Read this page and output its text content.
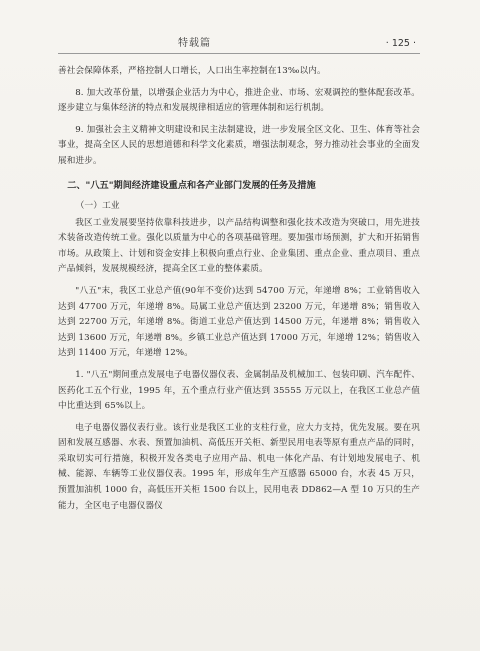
特载篇	· 125 ·

善社会保障体系，严格控制人口增长，人口出生率控制在13‰以内。

8. 加大改革份量，以增强企业活力为中心，推进企业、市场、宏观调控的整体配套改革。逐步建立与集体经济的特点和发展规律相适应的管理体制和运行机制。

9. 加强社会主义精神文明建设和民主法制建设，进一步发展全区文化、卫生、体育等社会事业，提高全区人民的思想道德和科学文化素质，增强法制观念，努力推动社会事业的全面发展和进步。

二、"八五"期间经济建设重点和各产业部门发展的任务及措施
（一）工业

我区工业发展要坚持依靠科技进步，以产品结构调整和强化技术改造为突破口，用先进技术装备改造传统工业。强化以质量为中心的各项基础管理。要加强市场预测，扩大和开拓销售市场。从政策上、计划和资金安排上积极向重点行业、企业集团、重点企业、重点项目、重点产品倾斜，发展规模经济，提高全区工业的整体素质。

"八五"末，我区工业总产值(90年不变价)达到 54700 万元，年递增 8%；工业销售收入达到 47700 万元，年递增 8%。局属工业总产值达到 23200 万元，年递增 8%；销售收入达到 22700 万元，年递增 8%。街道工业总产值达到 14500 万元，年递增 8%；销售收入达到 13600 万元，年递增 8%。乡镇工业总产值达到 17000 万元，年递增 12%；销售收入达到 11400 万元，年递增 12%。

1. "八五"期间重点发展电子电器仪器仪表、金属制品及机械加工、包装印刷、汽车配件、医药化工五个行业，1995 年，五个重点行业产值达到 35555 万元以上，在我区工业总产值中比重达到 65%以上。

电子电器仪器仪表行业。该行业是我区工业的支柱行业，应大力支持，优先发展。要在巩固和发展互感器、水表、预置加油机、高低压开关柜、新型民用电表等原有重点产品的同时，采取切实可行措施，积极开发各类电子应用产品、机电一体化产品、有计划地发展电子、机械、能源、车辆等工业仪器仪表。1995 年，形成年生产互感器 65000 台，水表 45 万只，预置加油机 1000 台，高低压开关柜 1500 台以上，民用电表 DD862—A 型 10 万只的生产能力，全区电子电器仪器仪
